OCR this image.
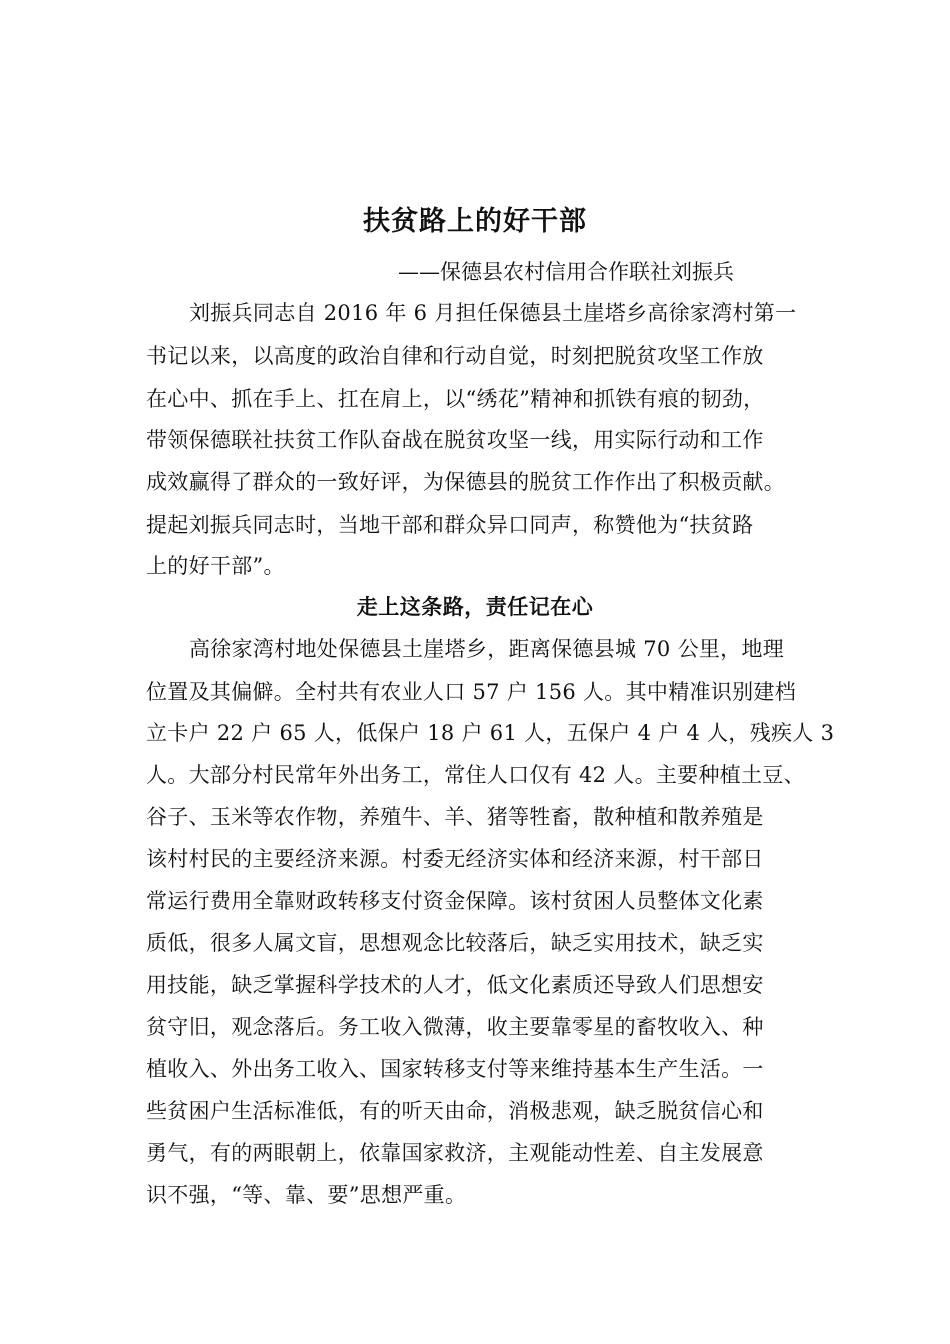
扶贫路上的好干部
——保德县农村信用合作联社刘振兵
刘振兵同志自 2016 年 6 月担任保德县土崖塔乡高徐家湾村第一
书记以来，以高度的政治自律和行动自觉，时刻把脱贫攻坚工作放
在心中、抓在手上、扛在肩上，以“绣花”精神和抓铁有痕的韧劲，
带领保德联社扶贫工作队奋战在脱贫攻坚一线，用实际行动和工作
成效赢得了群众的一致好评，为保德县的脱贫工作作出了积极贡献。
提起刘振兵同志时，当地干部和群众异口同声，称赞他为“扶贫路
上的好干部”。
走上这条路，责任记在心
高徐家湾村地处保德县土崖塔乡，距离保德县城 70 公里，地理
位置及其偏僻。全村共有农业人口 57 户 156 人。其中精准识别建档
立卡户 22 户 65 人，低保户 18 户 61 人，五保户 4 户 4 人，残疾人 3
人。大部分村民常年外出务工，常住人口仅有 42 人。主要种植土豆、
谷子、玉米等农作物，养殖牛、羊、猪等牲畜，散种植和散养殖是
该村村民的主要经济来源。村委无经济实体和经济来源，村干部日
常运行费用全靠财政转移支付资金保障。该村贫困人员整体文化素
质低，很多人属文盲，思想观念比较落后，缺乏实用技术，缺乏实
用技能，缺乏掌握科学技术的人才，低文化素质还导致人们思想安
贫守旧，观念落后。务工收入微薄，收主要靠零星的畜牧收入、种
植收入、外出务工收入、国家转移支付等来维持基本生产生活。一
些贫困户生活标准低，有的听天由命，消极悲观，缺乏脱贫信心和
勇气，有的两眼朝上，依靠国家救济，主观能动性差、自主发展意
识不强，“等、靠、要”思想严重。
